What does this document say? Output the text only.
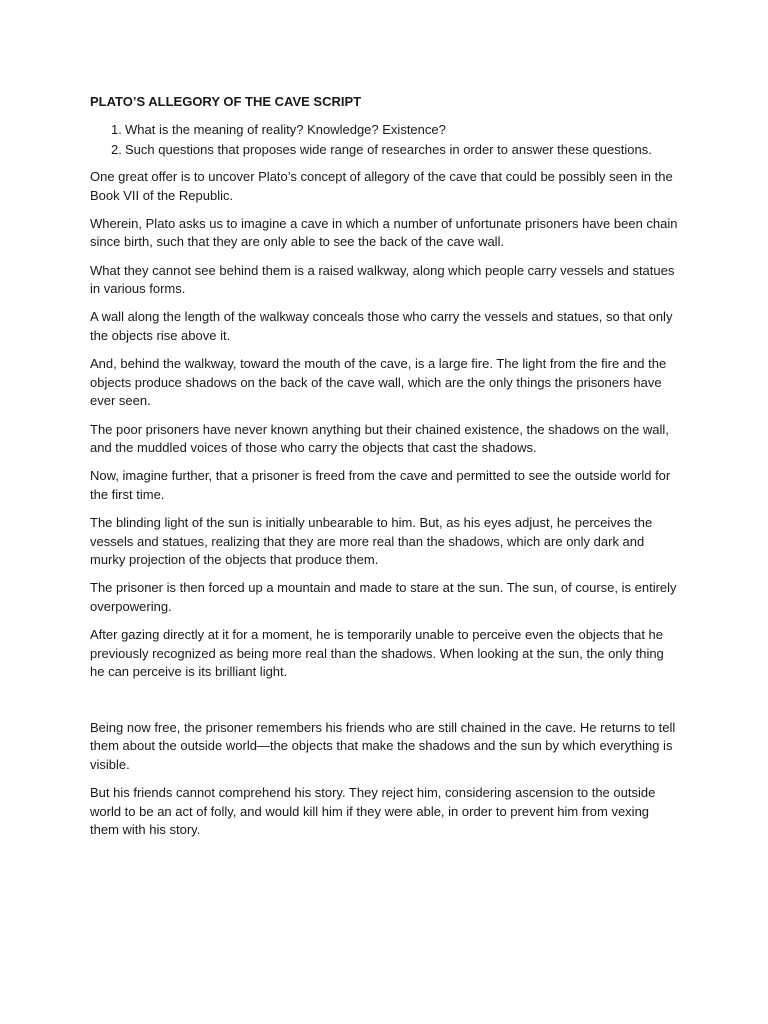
PLATO’S ALLEGORY OF THE CAVE SCRIPT
1. What is the meaning of reality? Knowledge? Existence?
2. Such questions that proposes wide range of researches in order to answer these questions.

One great offer is to uncover Plato’s concept of allegory of the cave that could be possibly seen in the Book VII of the Republic.

Wherein, Plato asks us to imagine a cave in which a number of unfortunate prisoners have been chain since birth, such that they are only able to see the back of the cave wall.

What they cannot see behind them is a raised walkway, along which people carry vessels and statues in various forms.

A wall along the length of the walkway conceals those who carry the vessels and statues, so that only the objects rise above it.

And, behind the walkway, toward the mouth of the cave, is a large fire. The light from the fire and the objects produce shadows on the back of the cave wall, which are the only things the prisoners have ever seen.

The poor prisoners have never known anything but their chained existence, the shadows on the wall, and the muddled voices of those who carry the objects that cast the shadows.

Now, imagine further, that a prisoner is freed from the cave and permitted to see the outside world for the first time.

The blinding light of the sun is initially unbearable to him. But, as his eyes adjust, he perceives the vessels and statues, realizing that they are more real than the shadows, which are only dark and murky projection of the objects that produce them.

The prisoner is then forced up a mountain and made to stare at the sun. The sun, of course, is entirely overpowering.

After gazing directly at it for a moment, he is temporarily unable to perceive even the objects that he previously recognized as being more real than the shadows. When looking at the sun, the only thing he can perceive is its brilliant light.

Being now free, the prisoner remembers his friends who are still chained in the cave. He returns to tell them about the outside world—the objects that make the shadows and the sun by which everything is visible.

But his friends cannot comprehend his story. They reject him, considering ascension to the outside world to be an act of folly, and would kill him if they were able, in order to prevent him from vexing them with his story.
